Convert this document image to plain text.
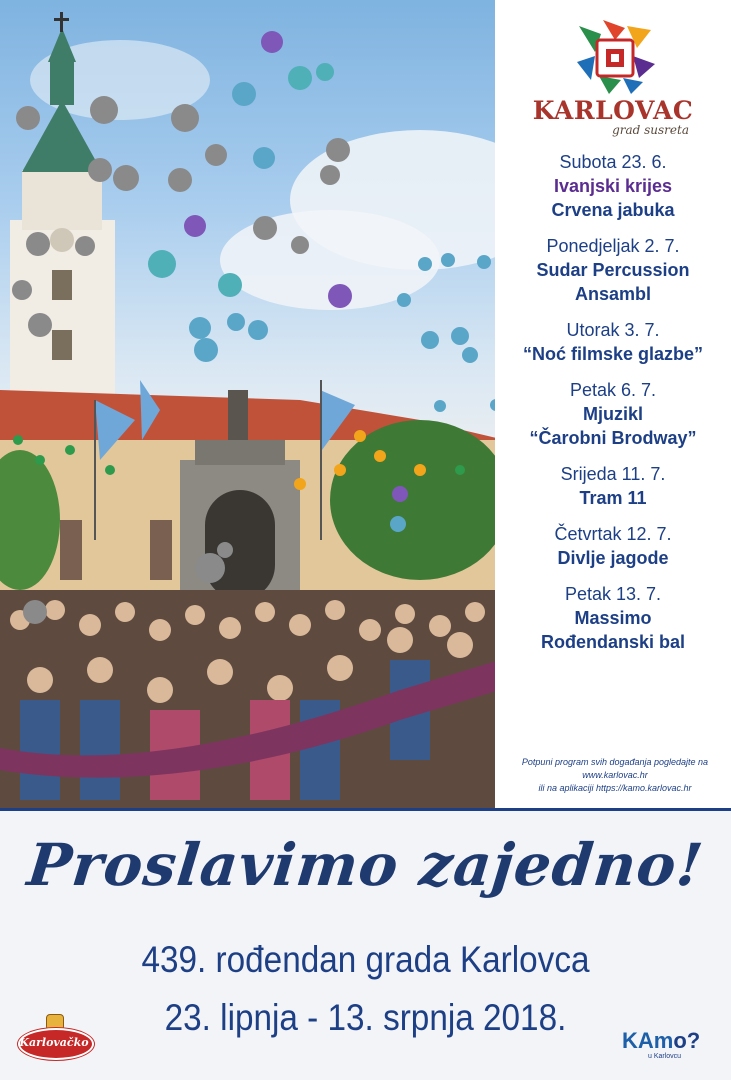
KARLOVAC
grad susreta
Subota 23. 6.
Ivanjski krijes
Crvena jabuka
Ponedjeljak 2. 7.
Sudar Percussion
Ansambl
Utorak 3. 7.
“Noć filmske glazbe”
Petak 6. 7.
Mjuzikl
“Čarobni Brodway”
Srijeda 11. 7.
Tram 11
Četvrtak 12. 7.
Divlje jagode
Petak 13. 7.
Massimo
Rođendanski bal
Potpuni program svih događanja pogledajte na
www.karlovac.hr
ili na aplikaciji https://kamo.karlovac.hr
Proslavimo zajedno!
439. rođendan grada Karlovca
23. lipnja - 13. srpnja 2018.
Karlovačko	KAmo?
u Karlovcu
